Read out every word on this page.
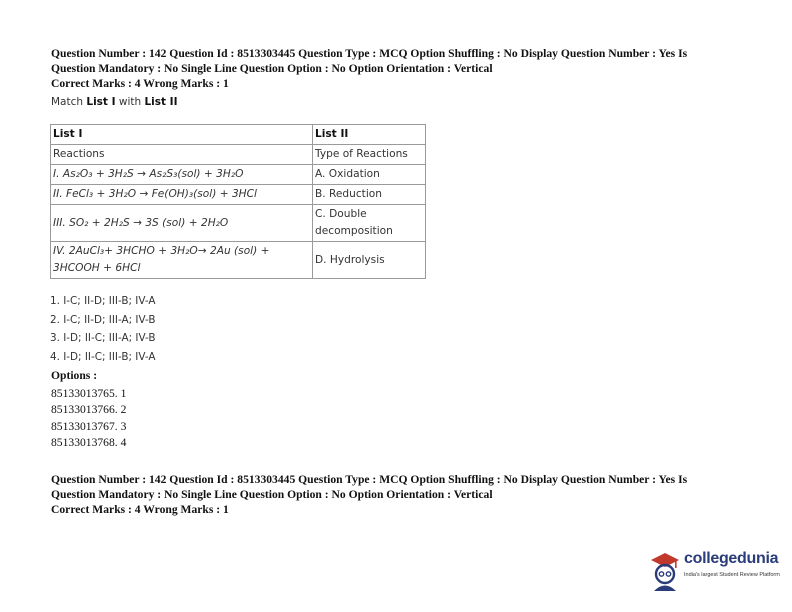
Question Number : 142 Question Id : 8513303445 Question Type : MCQ Option Shuffling : No Display Question Number : Yes Is

Question Mandatory : No Single Line Question Option : No Option Orientation : Vertical

Correct Marks : 4 Wrong Marks : 1

Match List I with List II
List I	List II
Reactions	Type of Reactions
I. As₂O₃ + 3H₂S → As₂S₃(sol) + 3H₂O	A. Oxidation
II. FeCl₃ + 3H₂O → Fe(OH)₃(sol) + 3HCl	B. Reduction
III. SO₂ + 2H₂S → 3S (sol) + 2H₂O	C. Double decomposition
IV. 2AuCl₃+ 3HCHO + 3H₂O→ 2Au (sol) + 3HCOOH + 6HCl	D. Hydrolysis
1. I-C; II-D; III-B; IV-A
2. I-C; II-D; III-A; IV-B
3. I-D; II-C; III-A; IV-B
4. I-D; II-C; III-B; IV-A
Options :
85133013765. 1
85133013766. 2
85133013767. 3
85133013768. 4

Question Number : 142 Question Id : 8513303445 Question Type : MCQ Option Shuffling : No Display Question Number : Yes Is

Question Mandatory : No Single Line Question Option : No Option Orientation : Vertical

Correct Marks : 4 Wrong Marks : 1

collegedunia
India's largest Student Review Platform
